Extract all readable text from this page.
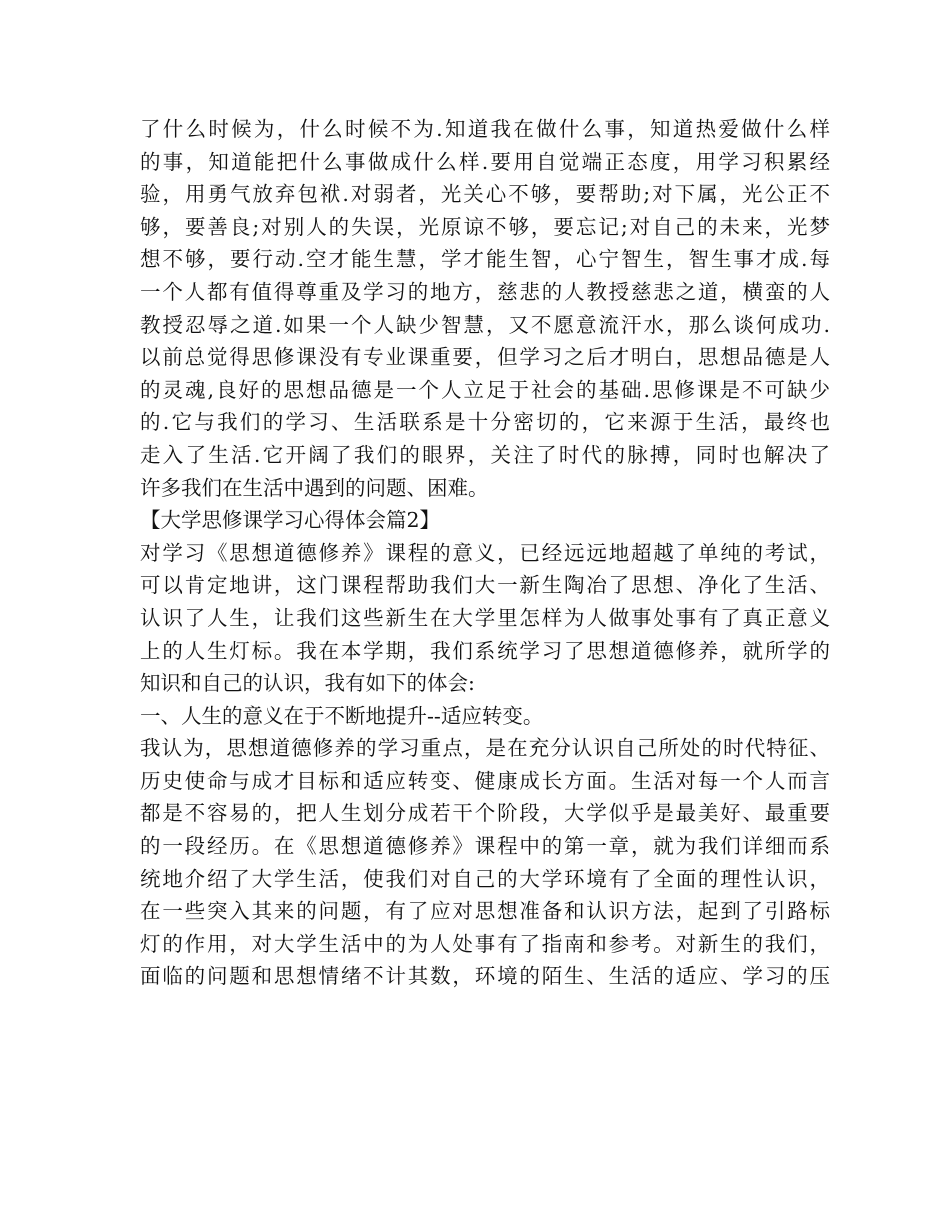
了什么时候为，什么时候不为.知道我在做什么事，知道热爱做什么样
的事，知道能把什么事做成什么样.要用自觉端正态度，用学习积累经
验，用勇气放弃包袱.对弱者，光关心不够，要帮助;对下属，光公正不
够，要善良;对别人的失误，光原谅不够，要忘记;对自己的未来，光梦
想不够，要行动.空才能生慧，学才能生智，心宁智生，智生事才成.每
一个人都有值得尊重及学习的地方，慈悲的人教授慈悲之道，横蛮的人
教授忍辱之道.如果一个人缺少智慧，又不愿意流汗水，那么谈何成功.
以前总觉得思修课没有专业课重要，但学习之后才明白，思想品德是人
的灵魂,良好的思想品德是一个人立足于社会的基础.思修课是不可缺少
的.它与我们的学习、生活联系是十分密切的，它来源于生活，最终也
走入了生活.它开阔了我们的眼界，关注了时代的脉搏，同时也解决了
许多我们在生活中遇到的问题、困难。
【大学思修课学习心得体会篇2】
对学习《思想道德修养》课程的意义，已经远远地超越了单纯的考试，
可以肯定地讲，这门课程帮助我们大一新生陶冶了思想、净化了生活、
认识了人生，让我们这些新生在大学里怎样为人做事处事有了真正意义
上的人生灯标。我在本学期，我们系统学习了思想道德修养，就所学的
知识和自己的认识，我有如下的体会:
一、人生的意义在于不断地提升--适应转变。
我认为，思想道德修养的学习重点，是在充分认识自己所处的时代特征、
历史使命与成才目标和适应转变、健康成长方面。生活对每一个人而言
都是不容易的，把人生划分成若干个阶段，大学似乎是最美好、最重要
的一段经历。在《思想道德修养》课程中的第一章，就为我们详细而系
统地介绍了大学生活，使我们对自己的大学环境有了全面的理性认识，
在一些突入其来的问题，有了应对思想准备和认识方法，起到了引路标
灯的作用，对大学生活中的为人处事有了指南和参考。对新生的我们，
面临的问题和思想情绪不计其数，环境的陌生、生活的适应、学习的压
